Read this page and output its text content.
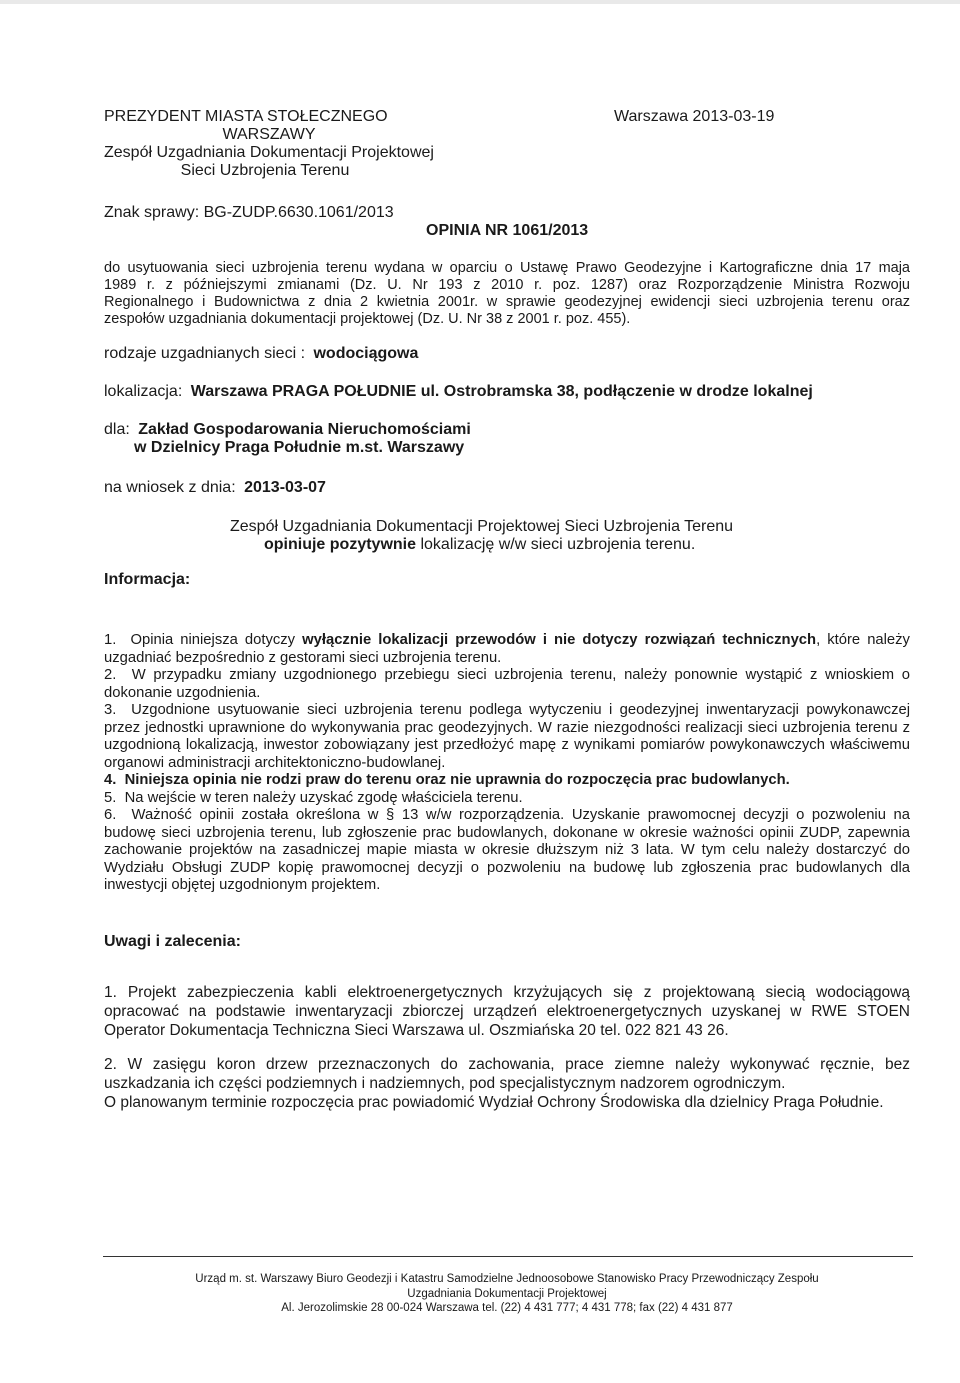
PREZYDENT MIASTA STOŁECZNEGO
WARSZAWY
Zespół Uzgadniania Dokumentacji Projektowej
Sieci Uzbrojenia Terenu
Warszawa 2013-03-19
Znak sprawy: BG-ZUDP.6630.1061/2013
OPINIA NR 1061/2013
do usytuowania sieci uzbrojenia terenu wydana w oparciu o Ustawę Prawo Geodezyjne i Kartograficzne dnia 17 maja
1989 r. z późniejszymi zmianami (Dz. U. Nr 193 z 2010 r. poz. 1287) oraz Rozporządzenie Ministra Rozwoju
Regionalnego i Budownictwa z dnia 2 kwietnia 2001r. w sprawie geodezyjnej ewidencji sieci uzbrojenia terenu oraz
zespołów uzgadniania dokumentacji projektowej (Dz. U. Nr 38 z 2001 r. poz. 455).
rodzaje uzgadnianych sieci : wodociągowa
lokalizacja: Warszawa PRAGA POŁUDNIE ul. Ostrobramska 38, podłączenie w drodze lokalnej
dla: Zakład Gospodarowania Nieruchomościami
w Dzielnicy Praga Południe m.st. Warszawy
na wniosek z dnia: 2013-03-07
Zespół Uzgadniania Dokumentacji Projektowej Sieci Uzbrojenia Terenu
opiniuje pozytywnie lokalizację w/w sieci uzbrojenia terenu.
Informacja:
1. Opinia niniejsza dotyczy wyłącznie lokalizacji przewodów i nie dotyczy rozwiązań technicznych, które należy uzgadniać bezpośrednio z gestorami sieci uzbrojenia terenu.
2. W przypadku zmiany uzgodnionego przebiegu sieci uzbrojenia terenu, należy ponownie wystąpić z wnioskiem o dokonanie uzgodnienia.
3. Uzgodnione usytuowanie sieci uzbrojenia terenu podlega wytyczeniu i geodezyjnej inwentaryzacji powykonawczej przez jednostki uprawnione do wykonywania prac geodezyjnych. W razie niezgodności realizacji sieci uzbrojenia terenu z uzgodnioną lokalizacją, inwestor zobowiązany jest przedłożyć mapę z wynikami pomiarów powykonawczych właściwemu organowi administracji architektoniczno-budowlanej.
4. Niniejsza opinia nie rodzi praw do terenu oraz nie uprawnia do rozpoczęcia prac budowlanych.
5. Na wejście w teren należy uzyskać zgodę właściciela terenu.
6. Ważność opinii została określona w § 13 w/w rozporządzenia. Uzyskanie prawomocnej decyzji o pozwoleniu na budowę sieci uzbrojenia terenu, lub zgłoszenie prac budowlanych, dokonane w okresie ważności opinii ZUDP, zapewnia zachowanie projektów na zasadniczej mapie miasta w okresie dłuższym niż 3 lata. W tym celu należy dostarczyć do Wydziału Obsługi ZUDP kopię prawomocnej decyzji o pozwoleniu na budowę lub zgłoszenia prac budowlanych dla inwestycji objętej uzgodnionym projektem.
Uwagi i zalecenia:
1. Projekt zabezpieczenia kabli elektroenergetycznych krzyżujących się z projektowaną siecią wodociągową opracować na podstawie inwentaryzacji zbiorczej urządzeń elektroenergetycznych uzyskanej w RWE STOEN Operator Dokumentacja Techniczna Sieci Warszawa ul. Oszmiańska 20 tel. 022 821 43 26.
2. W zasięgu koron drzew przeznaczonych do zachowania, prace ziemne należy wykonywać ręcznie, bez uszkadzania ich części podziemnych i nadziemnych, pod specjalistycznym nadzorem ogrodniczym.
O planowanym terminie rozpoczęcia prac powiadomić Wydział Ochrony Środowiska dla dzielnicy Praga Południe.
Urząd m. st. Warszawy Biuro Geodezji i Katastru Samodzielne Jednoosobowe Stanowisko Pracy Przewodniczący Zespołu
Uzgadniania Dokumentacji Projektowej
Al. Jerozolimskie 28 00-024 Warszawa tel. (22) 4 431 777; 4 431 778; fax (22) 4 431 877
